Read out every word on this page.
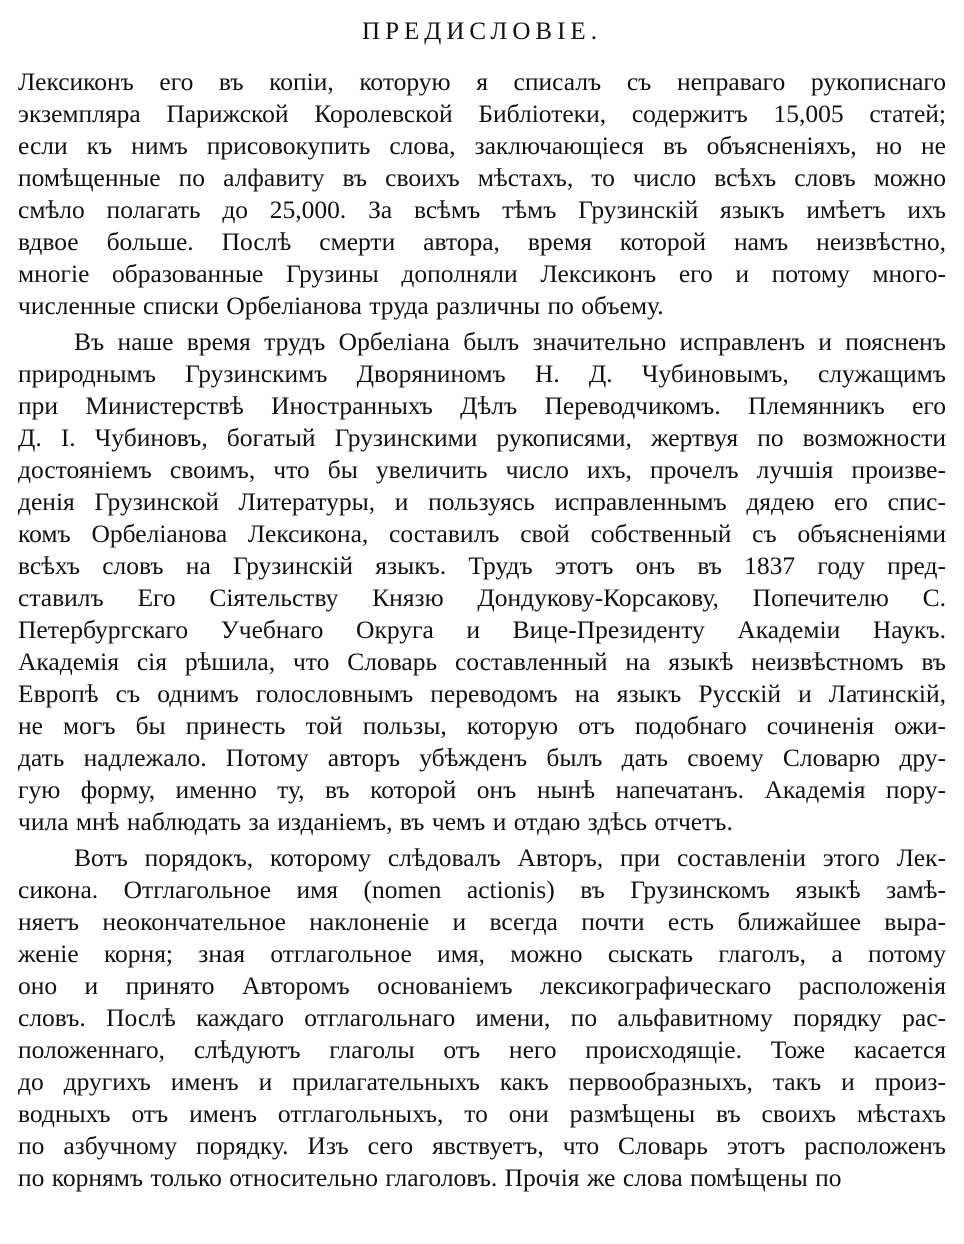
ПРЕДИСЛОВІЕ.
Лексиконъ его въ копіи, которую я списалъ съ неправаго рукописнаго
экземпляра Парижской Королевской Библіотеки, содержитъ 15,005 статей;
если къ нимъ присовокупить слова, заключающіеся въ объясненіяхъ, но не
помѣщенные по алфавиту въ своихъ мѣстахъ, то число всѣхъ словъ можно
смѣло полагать до 25,000. За всѣмъ тѣмъ Грузинскій языкъ имѣетъ ихъ
вдвое больше. Послѣ смерти автора, время которой намъ неизвѣстно,
многіе образованные Грузины дополняли Лексиконъ его и потому много-
численные списки Орбеліанова труда различны по объему.
Въ наше время трудъ Орбеліана былъ значительно исправленъ и поясненъ
природнымъ Грузинскимъ Дворяниномъ Н. Д. Чубиновымъ, служащимъ
при Министерствѣ Иностранныхъ Дѣлъ Переводчикомъ. Племянникъ его
Д. І. Чубиновъ, богатый Грузинскими рукописями, жертвуя по возможности
достояніемъ своимъ, что бы увеличить число ихъ, прочелъ лучшія произве-
денія Грузинской Литературы, и пользуясь исправленнымъ дядею его спис-
комъ Орбеліанова Лексикона, составилъ свой собственный съ объясненіями
всѣхъ словъ на Грузинскій языкъ. Трудъ этотъ онъ въ 1837 году пред-
ставилъ Его Сіятельству Князю Дондукову-Корсакову, Попечителю С.
Петербургскаго Учебнаго Округа и Вице-Президенту Академіи Наукъ.
Академія сія рѣшила, что Словарь составленный на языкѣ неизвѣстномъ въ
Европѣ съ однимъ голословнымъ переводомъ на языкъ Русскій и Латинскій,
не могъ бы принесть той пользы, которую отъ подобнаго сочиненія ожи-
дать надлежало. Потому авторъ убѣжденъ былъ дать своему Словарю дру-
гую форму, именно ту, въ которой онъ нынѣ напечатанъ. Академія пору-
чила мнѣ наблюдать за изданіемъ, въ чемъ и отдаю здѣсь отчетъ.
Вотъ порядокъ, которому слѣдовалъ Авторъ, при составленіи этого Лек-
сикона. Отглагольное имя (nomen actionis) въ Грузинскомъ языкѣ замѣ-
няетъ неокончательное наклоненіе и всегда почти есть ближайшее выра-
женіе корня; зная отглагольное имя, можно сыскать глаголъ, а потому
оно и принято Авторомъ основаніемъ лексикографическаго расположенія
словъ. Послѣ каждаго отглагольнаго имени, по альфавитному порядку рас-
положеннаго, слѣдуютъ глаголы отъ него происходящіе. Тоже касается
до другихъ именъ и прилагательныхъ какъ первообразныхъ, такъ и произ-
водныхъ отъ именъ отглагольныхъ, то они размѣщены въ своихъ мѣстахъ
по азбучному порядку. Изъ сего явствуетъ, что Словарь этотъ расположенъ
по корнямъ только относительно глаголовъ. Прочія же слова помѣщены по
